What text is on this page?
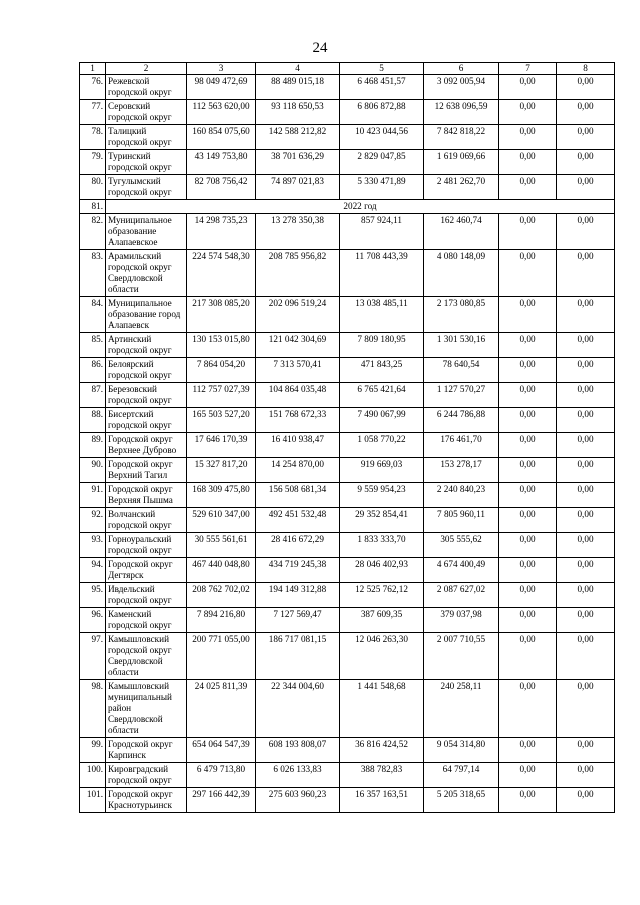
24
1	2	3	4	5	6	7	8
76.	Режевской городской округ	98 049 472,69	88 489 015,18	6 468 451,57	3 092 005,94	0,00	0,00
77.	Серовский городской округ	112 563 620,00	93 118 650,53	6 806 872,88	12 638 096,59	0,00	0,00
78.	Талицкий городской округ	160 854 075,60	142 588 212,82	10 423 044,56	7 842 818,22	0,00	0,00
79.	Туринский городской округ	43 149 753,80	38 701 636,29	2 829 047,85	1 619 069,66	0,00	0,00
80.	Тугулымский городской округ	82 708 756,42	74 897 021,83	5 330 471,89	2 481 262,70	0,00	0,00
81.	2022 год						
82.	Муниципальное образование Алапаевское	14 298 735,23	13 278 350,38	857 924,11	162 460,74	0,00	0,00
83.	Арамильский городской округ Свердловской области	224 574 548,30	208 785 956,82	11 708 443,39	4 080 148,09	0,00	0,00
84.	Муниципальное образование город Алапаевск	217 308 085,20	202 096 519,24	13 038 485,11	2 173 080,85	0,00	0,00
85.	Артинский городской округ	130 153 015,80	121 042 304,69	7 809 180,95	1 301 530,16	0,00	0,00
86.	Белоярский городской округ	7 864 054,20	7 313 570,41	471 843,25	78 640,54	0,00	0,00
87.	Березовский городской округ	112 757 027,39	104 864 035,48	6 765 421,64	1 127 570,27	0,00	0,00
88.	Бисертский городской округ	165 503 527,20	151 768 672,33	7 490 067,99	6 244 786,88	0,00	0,00
89.	Городской округ Верхнее Дуброво	17 646 170,39	16 410 938,47	1 058 770,22	176 461,70	0,00	0,00
90.	Городской округ Верхний Тагил	15 327 817,20	14 254 870,00	919 669,03	153 278,17	0,00	0,00
91.	Городской округ Верхняя Пышма	168 309 475,80	156 508 681,34	9 559 954,23	2 240 840,23	0,00	0,00
92.	Волчанский городской округ	529 610 347,00	492 451 532,48	29 352 854,41	7 805 960,11	0,00	0,00
93.	Горноуральский городской округ	30 555 561,61	28 416 672,29	1 833 333,70	305 555,62	0,00	0,00
94.	Городской округ Дегтярск	467 440 048,80	434 719 245,38	28 046 402,93	4 674 400,49	0,00	0,00
95.	Ивдельский городской округ	208 762 702,02	194 149 312,88	12 525 762,12	2 087 627,02	0,00	0,00
96.	Каменский городской округ	7 894 216,80	7 127 569,47	387 609,35	379 037,98	0,00	0,00
97.	Камышловский городской округ Свердловской области	200 771 055,00	186 717 081,15	12 046 263,30	2 007 710,55	0,00	0,00
98.	Камышловский муниципальный район Свердловской области	24 025 811,39	22 344 004,60	1 441 548,68	240 258,11	0,00	0,00
99.	Городской округ Карпинск	654 064 547,39	608 193 808,07	36 816 424,52	9 054 314,80	0,00	0,00
100.	Кировградский городской округ	6 479 713,80	6 026 133,83	388 782,83	64 797,14	0,00	0,00
101.	Городской округ Краснотурьинск	297 166 442,39	275 603 960,23	16 357 163,51	5 205 318,65	0,00	0,00
